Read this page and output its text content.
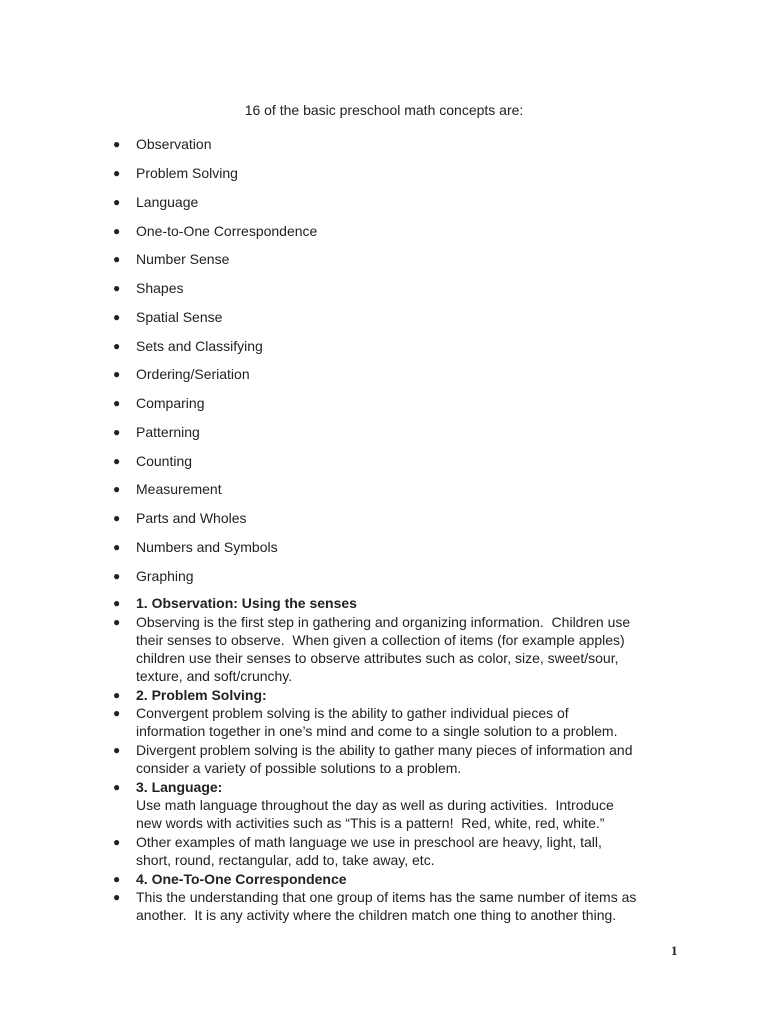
16 of the basic preschool math concepts are:
● Observation
● Problem Solving
● Language
● One-to-One Correspondence
● Number Sense
● Shapes
● Spatial Sense
● Sets and Classifying
● Ordering/Seriation
● Comparing
● Patterning
● Counting
● Measurement
● Parts and Wholes
● Numbers and Symbols
● Graphing
● 1. Observation: Using the senses
● Observing is the first step in gathering and organizing information.  Children use
their senses to observe.  When given a collection of items (for example apples)
children use their senses to observe attributes such as color, size, sweet/sour,
texture, and soft/crunchy.
● 2. Problem Solving:
● Convergent problem solving is the ability to gather individual pieces of
information together in one’s mind and come to a single solution to a problem.
● Divergent problem solving is the ability to gather many pieces of information and
consider a variety of possible solutions to a problem.
● 3. Language:
Use math language throughout the day as well as during activities.  Introduce
new words with activities such as “This is a pattern!  Red, white, red, white.”
● Other examples of math language we use in preschool are heavy, light, tall,
short, round, rectangular, add to, take away, etc.
● 4. One-To-One Correspondence
● This the understanding that one group of items has the same number of items as
another.  It is any activity where the children match one thing to another thing.
1
